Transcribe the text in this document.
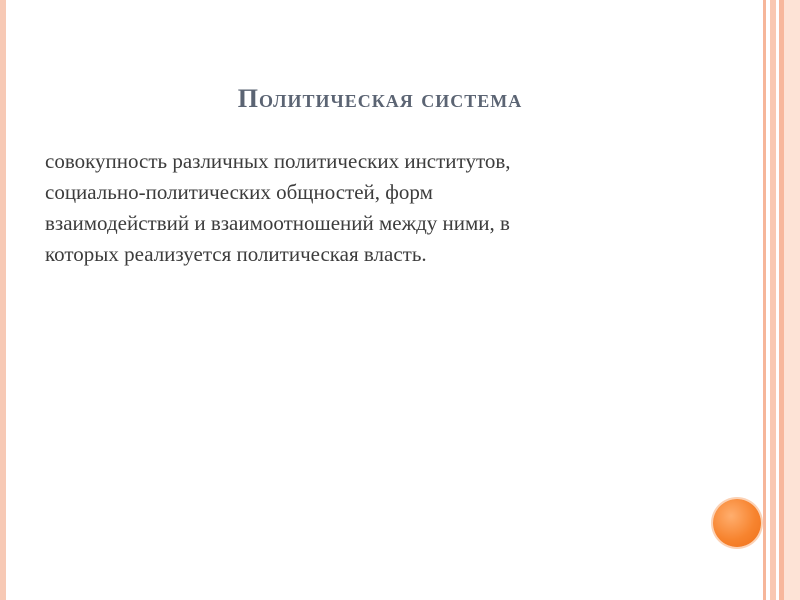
Политическая система
совокупность различных политических институтов,
социально-политических общностей, форм
взаимодействий и взаимоотношений между ними, в
которых реализуется политическая власть.
